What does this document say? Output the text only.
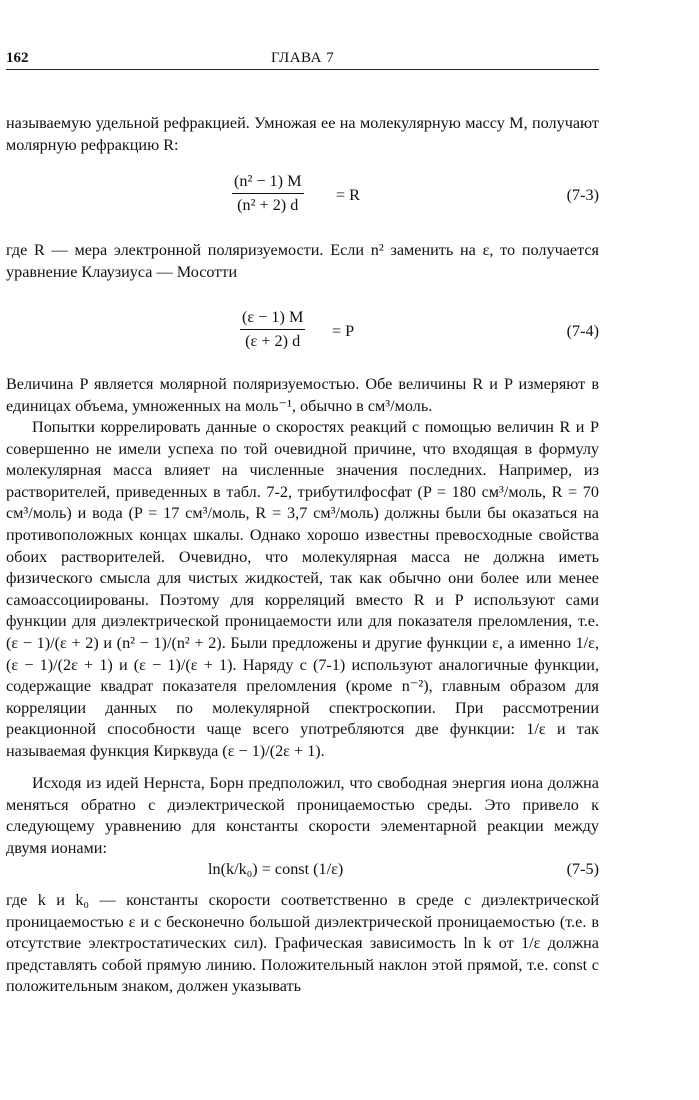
162	ГЛАВА 7
называемую удельной рефракцией. Умножая ее на молекулярную массу M, получают молярную рефракцию R:
(n² − 1) M
(n² + 2) d
= R	(7-3)
где R — мера электронной поляризуемости. Если n² заменить на ε, то получается уравнение Клаузиуса — Мосотти
(ε − 1) M
(ε + 2) d
= P	(7-4)
Величина P является молярной поляризуемостью. Обе величины R и P измеряют в единицах объема, умноженных на моль⁻¹, обычно в см³/моль.
Попытки коррелировать данные о скоростях реакций с помощью величин R и P совершенно не имели успеха по той очевидной причине, что входящая в формулу молекулярная масса влияет на численные значения последних. Например, из растворителей, приведенных в табл. 7-2, трибутилфосфат (P = 180 см³/моль, R = 70 см³/моль) и вода (P = 17 см³/моль, R = 3,7 см³/моль) должны были бы оказаться на противоположных концах шкалы. Однако хорошо известны превосходные свойства обоих растворителей. Очевидно, что молекулярная масса не должна иметь физического смысла для чистых жидкостей, так как обычно они более или менее самоассоциированы. Поэтому для корреляций вместо R и P используют сами функции для диэлектрической проницаемости или для показателя преломления, т.е. (ε − 1)/(ε + 2) и (n² − 1)/(n² + 2). Были предложены и другие функции ε, а именно 1/ε, (ε − 1)/(2ε + 1) и (ε − 1)/(ε + 1). Наряду с (7-1) используют аналогичные функции, содержащие квадрат показателя преломления (кроме n⁻²), главным образом для корреляции данных по молекулярной спектроскопии. При рассмотрении реакционной способности чаще всего употребляются две функции: 1/ε и так называемая функция Кирквуда (ε − 1)/(2ε + 1).
Исходя из идей Нернста, Борн предположил, что свободная энергия иона должна меняться обратно с диэлектрической проницаемостью среды. Это привело к следующему уравнению для константы скорости элементарной реакции между двумя ионами:
ln(k/k₀) = const (1/ε)	(7-5)
где k и k₀ — константы скорости соответственно в среде с диэлектрической проницаемостью ε и с бесконечно большой диэлектрической проницаемостью (т.е. в отсутствие электростатических сил). Графическая зависимость ln k от 1/ε должна представлять собой прямую линию. Положительный наклон этой прямой, т.е. const с положительным знаком, должен указывать
